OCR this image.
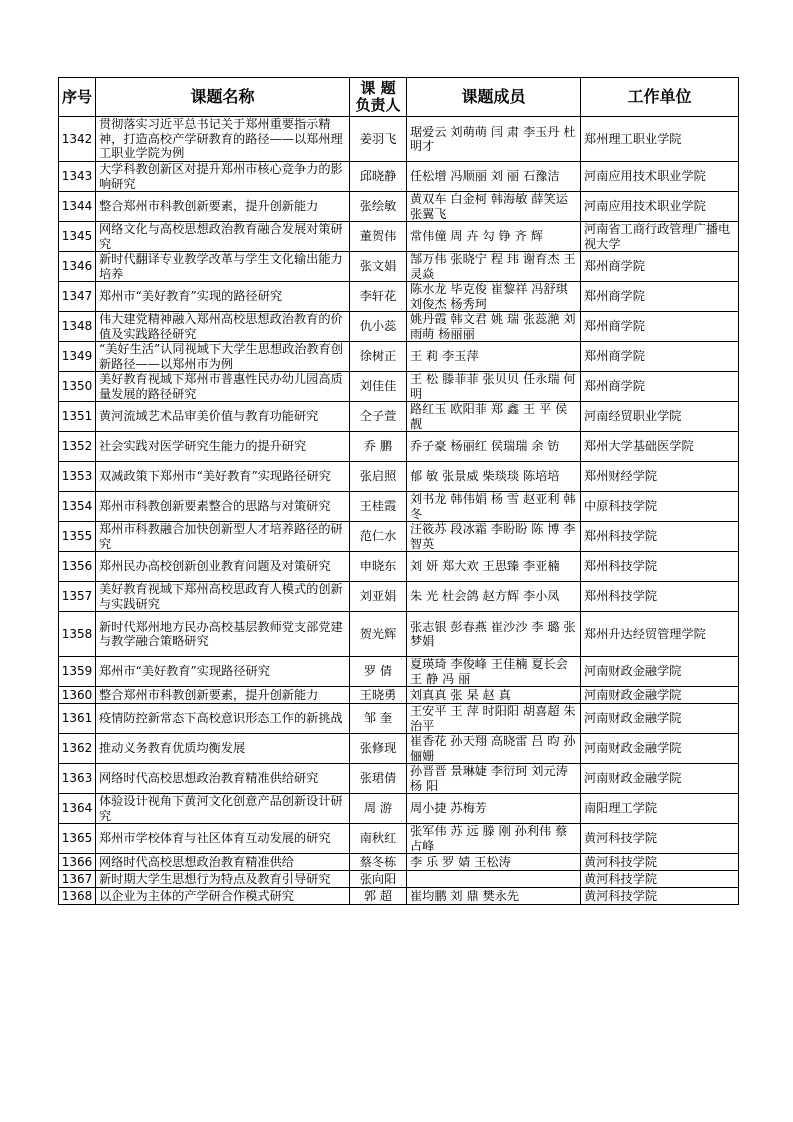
序号	课题名称	课 题 负责人	课题成员	工作单位
1342	贯彻落实习近平总书记关于郑州重要指示精神，打造高校产学研教育的路径——以郑州理工职业学院为例	姜羽飞	琚爱云 刘萌萌 闫 肃 李玉丹 杜明才	郑州理工职业学院
1343	大学科教创新区对提升郑州市核心竞争力的影响研究	邱晓静	任松增 冯顺丽 刘 丽 石豫洁	河南应用技术职业学院
1344	整合郑州市科教创新要素，提升创新能力	张绘敏	黄双车 白金柯 韩海敏 薛笑运 张翼飞	河南应用技术职业学院
1345	网络文化与高校思想政治教育融合发展对策研究	董贺伟	常伟僮 周 卉 勾 铮 齐 辉	河南省工商行政管理广播电视大学
1346	新时代翻译专业教学改革与学生文化输出能力培养	张文娟	郜万伟 张晓宁 程 玮 谢育杰 王灵焱	郑州商学院
1347	郑州市“美好教育”实现的路径研究	李轩花	陈水龙 毕克俊 崔黎祥 冯舒琪 刘俊杰 杨秀珂	郑州商学院
1348	伟大建党精神融入郑州高校思想政治教育的价值及实践路径研究	仇小蕊	姚丹霞 韩文君 姚 瑞 张蕊滟 刘雨萌 杨丽丽	郑州商学院
1349	“美好生活”认同视域下大学生思想政治教育创新路径——以郑州市为例	徐树正	王 莉 李玉萍	郑州商学院
1350	美好教育视域下郑州市普惠性民办幼儿园高质量发展的路径研究	刘佳佳	王 松 滕菲菲 张贝贝 任永瑞 何 明	郑州商学院
1351	黄河流域艺术品审美价值与教育功能研究	仝子萱	路红玉 欧阳菲 郑 鑫 王 平 侯 靓	河南经贸职业学院
1352	社会实践对医学研究生能力的提升研究	乔 鹏	乔子豪 杨丽红 侯瑞瑞 余 钫	郑州大学基础医学院
1353	双减政策下郑州市“美好教育”实现路径研究	张启照	郁 敏 张景威 柴琰琰 陈培培	郑州财经学院
1354	郑州市科教创新要素整合的思路与对策研究	王桂霞	刘书龙 韩伟娟 杨 雪 赵亚利 韩 冬	中原科技学院
1355	郑州市科教融合加快创新型人才培养路径的研究	范仁水	汪筱苏 段冰霜 李盼盼 陈 博 李智英	郑州科技学院
1356	郑州民办高校创新创业教育问题及对策研究	申晓东	刘 妍 郑大欢 王思臻 李亚楠	郑州科技学院
1357	美好教育视域下郑州高校思政育人模式的创新与实践研究	刘亚娟	朱 光 杜会鸽 赵方辉 李小凤	郑州科技学院
1358	新时代郑州地方民办高校基层教师党支部党建与教学融合策略研究	贺光辉	张志银 彭春燕 崔沙沙 李 璐 张梦娟	郑州升达经贸管理学院
1359	郑州市“美好教育”实现路径研究	罗 倩	夏瑛琦 李俊峰 王佳楠 夏长会 王 静 冯 丽	河南财政金融学院
1360	整合郑州市科教创新要素，提升创新能力	王晓勇	刘真真 张 杲 赵 真	河南财政金融学院
1361	疫情防控新常态下高校意识形态工作的新挑战	邹 奎	王安平 王 萍 时阳阳 胡喜超 朱治平	河南财政金融学院
1362	推动义务教育优质均衡发展	张修现	崔香花 孙天翔 高晓雷 吕 昀 孙俪姗	河南财政金融学院
1363	网络时代高校思想政治教育精准供给研究	张珺倩	孙晋晋 景琳婕 李衍珂 刘元涛 杨 阳	河南财政金融学院
1364	体验设计视角下黄河文化创意产品创新设计研究	周 游	周小捷 苏梅芳	南阳理工学院
1365	郑州市学校体育与社区体育互动发展的研究	南秋红	张军伟 苏 远 滕 刚 孙利伟 蔡占峰	黄河科技学院
1366	网络时代高校思想政治教育精准供给	蔡冬栋	李 乐 罗 婧 王松涛	黄河科技学院
1367	新时期大学生思想行为特点及教育引导研究	张向阳		黄河科技学院
1368	以企业为主体的产学研合作模式研究	郭 超	崔均鹏 刘 鼎 樊永先	黄河科技学院
